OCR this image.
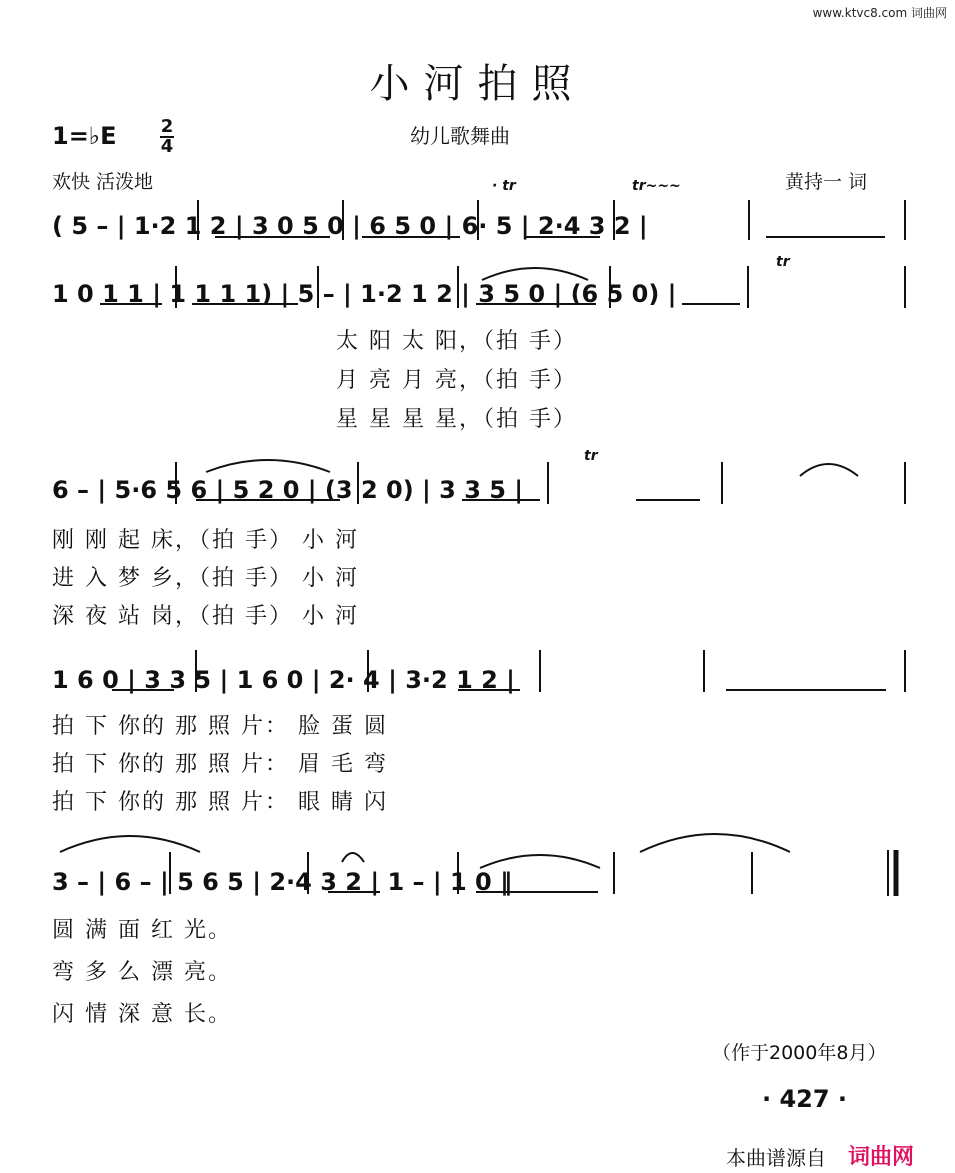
www.ktvc8.com 词曲网
小河拍照
幼儿歌舞曲
1=♭E 2
4
欢快 活泼地	黄持一 词
· tr	tr~~~
( 5 – | 1·2 1 2 | 3 0 5 0 | 6 5 0 | 6· 5 | 2·4 3 2 |
1 0 1 1 | 1 1 1 1) | 5 – | 1·2 1 2 | 3 5 0 | (6 5 0) |
tr
太 阳 太 阳，（拍 手）
月 亮 月 亮，（拍 手）
星 星 星 星，（拍 手）
tr
6 – | 5·6 5 6 | 5 2 0 | (3 2 0) | 3 3 5 |
刚 刚 起 床，（拍 手） 小 河
进 入 梦 乡，（拍 手） 小 河
深 夜 站 岗，（拍 手） 小 河
1 6 0 | 3 3 5 | 1 6 0 | 2· 4 | 3·2 1 2 |
拍 下 你的 那 照 片： 脸 蛋 圆
拍 下 你的 那 照 片： 眉 毛 弯
拍 下 你的 那 照 片： 眼 睛 闪
3 – | 6 – | 5 6 5 | 2·4 3 2 | 1 – | 1 0 ‖
圆 满 面 红 光。
弯 多 么 漂 亮。
闪 情 深 意 长。
（作于2000年8月）
· 427 ·
本曲谱源自 词曲网
